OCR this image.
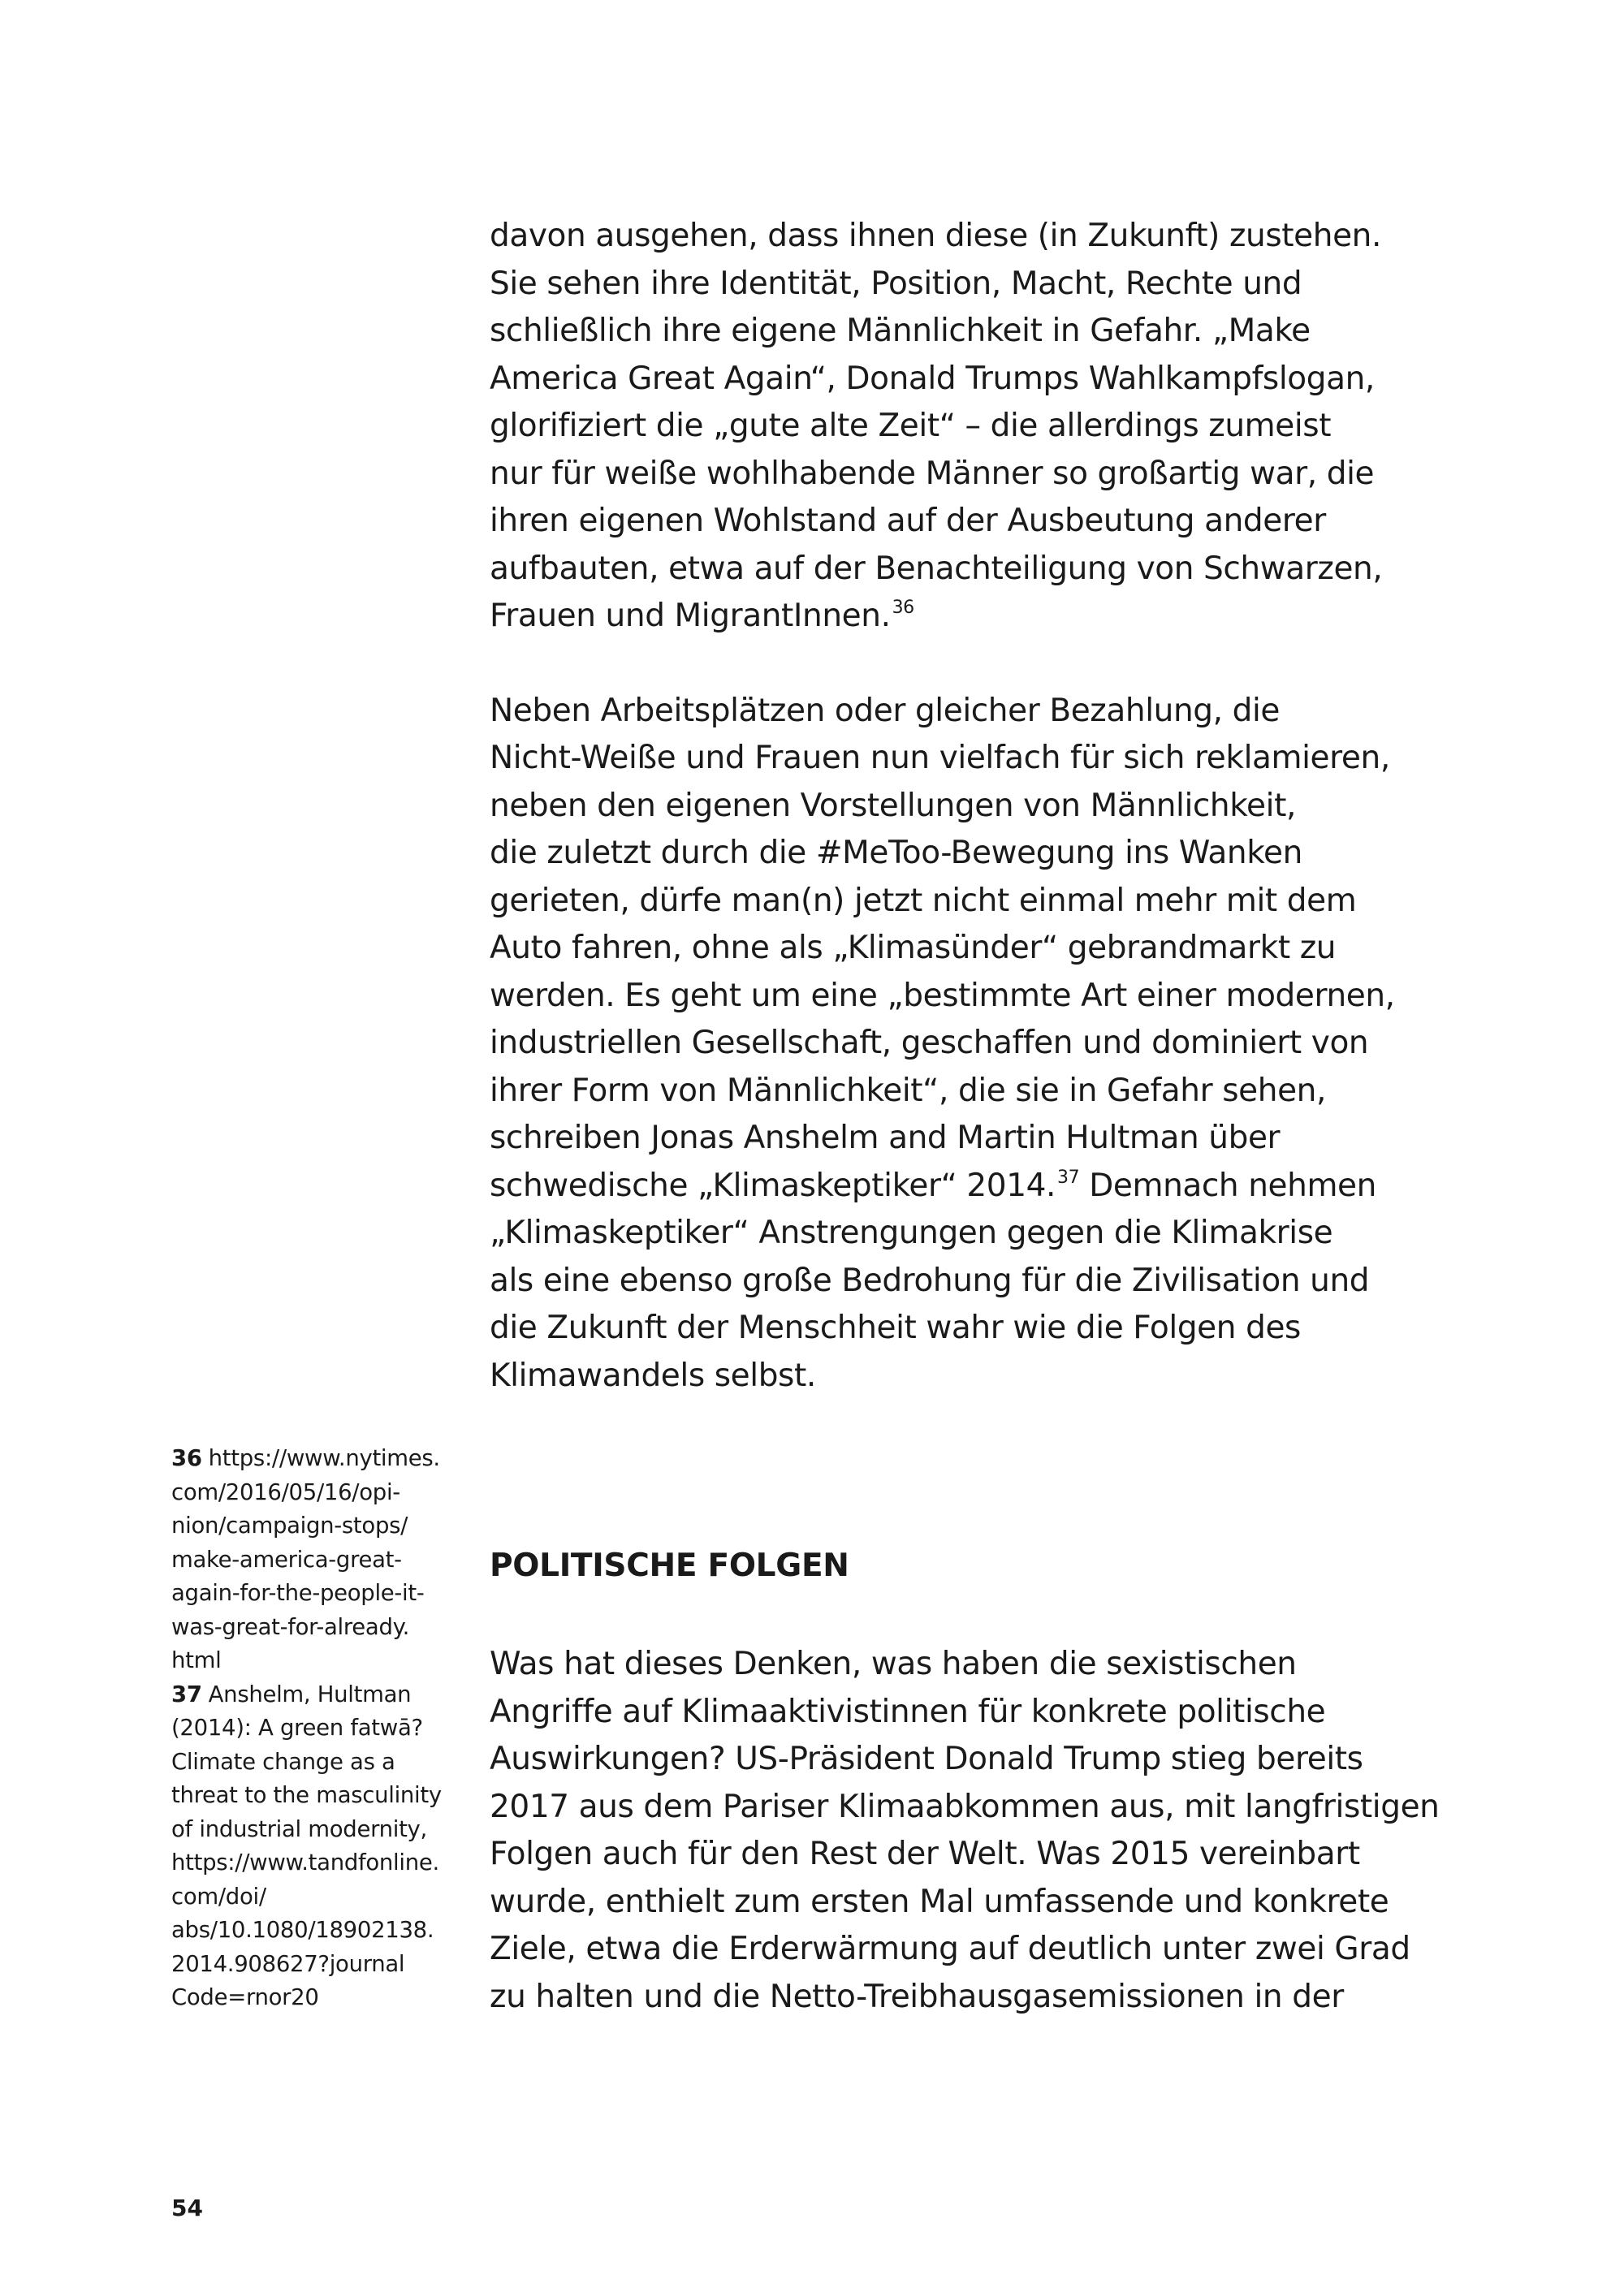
davon ausgehen, dass ihnen diese (in Zukunft) zustehen.
Sie sehen ihre Identität, Position, Macht, Rechte und
schließlich ihre eigene Männlichkeit in Gefahr. „Make
America Great Again“, Donald Trumps Wahlkampfslogan,
glorifiziert die „gute alte Zeit“ – die allerdings zumeist
nur für weiße wohlhabende Männer so großartig war, die
ihren eigenen Wohlstand auf der Ausbeutung anderer
aufbauten, etwa auf der Benachteiligung von Schwarzen,
Frauen und MigrantInnen.$^{36}$

Neben Arbeitsplätzen oder gleicher Bezahlung, die
Nicht-Weiße und Frauen nun vielfach für sich reklamieren,
neben den eigenen Vorstellungen von Männlichkeit,
die zuletzt durch die #MeToo-Bewegung ins Wanken
gerieten, dürfe man(n) jetzt nicht einmal mehr mit dem
Auto fahren, ohne als „Klimasünder“ gebrandmarkt zu
werden. Es geht um eine „bestimmte Art einer modernen,
industriellen Gesellschaft, geschaffen und dominiert von
ihrer Form von Männlichkeit“, die sie in Gefahr sehen,
schreiben Jonas Anshelm and Martin Hultman über
schwedische „Klimaskeptiker“ 2014.37 Demnach nehmen
„Klimaskeptiker“ Anstrengungen gegen die Klimakrise
als eine ebenso große Bedrohung für die Zivilisation und
die Zukunft der Menschheit wahr wie die Folgen des
Klimawandels selbst.

POLITISCHE FOLGEN
Was hat dieses Denken, was haben die sexistischen
Angriffe auf Klimaaktivistinnen für konkrete politische
Auswirkungen? US-Präsident Donald Trump stieg bereits
2017 aus dem Pariser Klimaabkommen aus, mit langfristigen
Folgen auch für den Rest der Welt. Was 2015 vereinbart
wurde, enthielt zum ersten Mal umfassende und konkrete
Ziele, etwa die Erderwärmung auf deutlich unter zwei Grad
zu halten und die Netto-Treibhausgasemissionen in der
36 https://www.nytimes.
com/2016/05/16/opi-
nion/campaign-stops/
make-america-great-
again-for-the-people-it-
was-great-for-already.
html
37 Anshelm, Hultman
(2014): A green fatwā?
Climate change as a
threat to the masculinity
of industrial modernity,
https://www.tandfonline.
com/doi/
abs/10.1080/18902138.
2014.908627?journal
Code=rnor20
54
